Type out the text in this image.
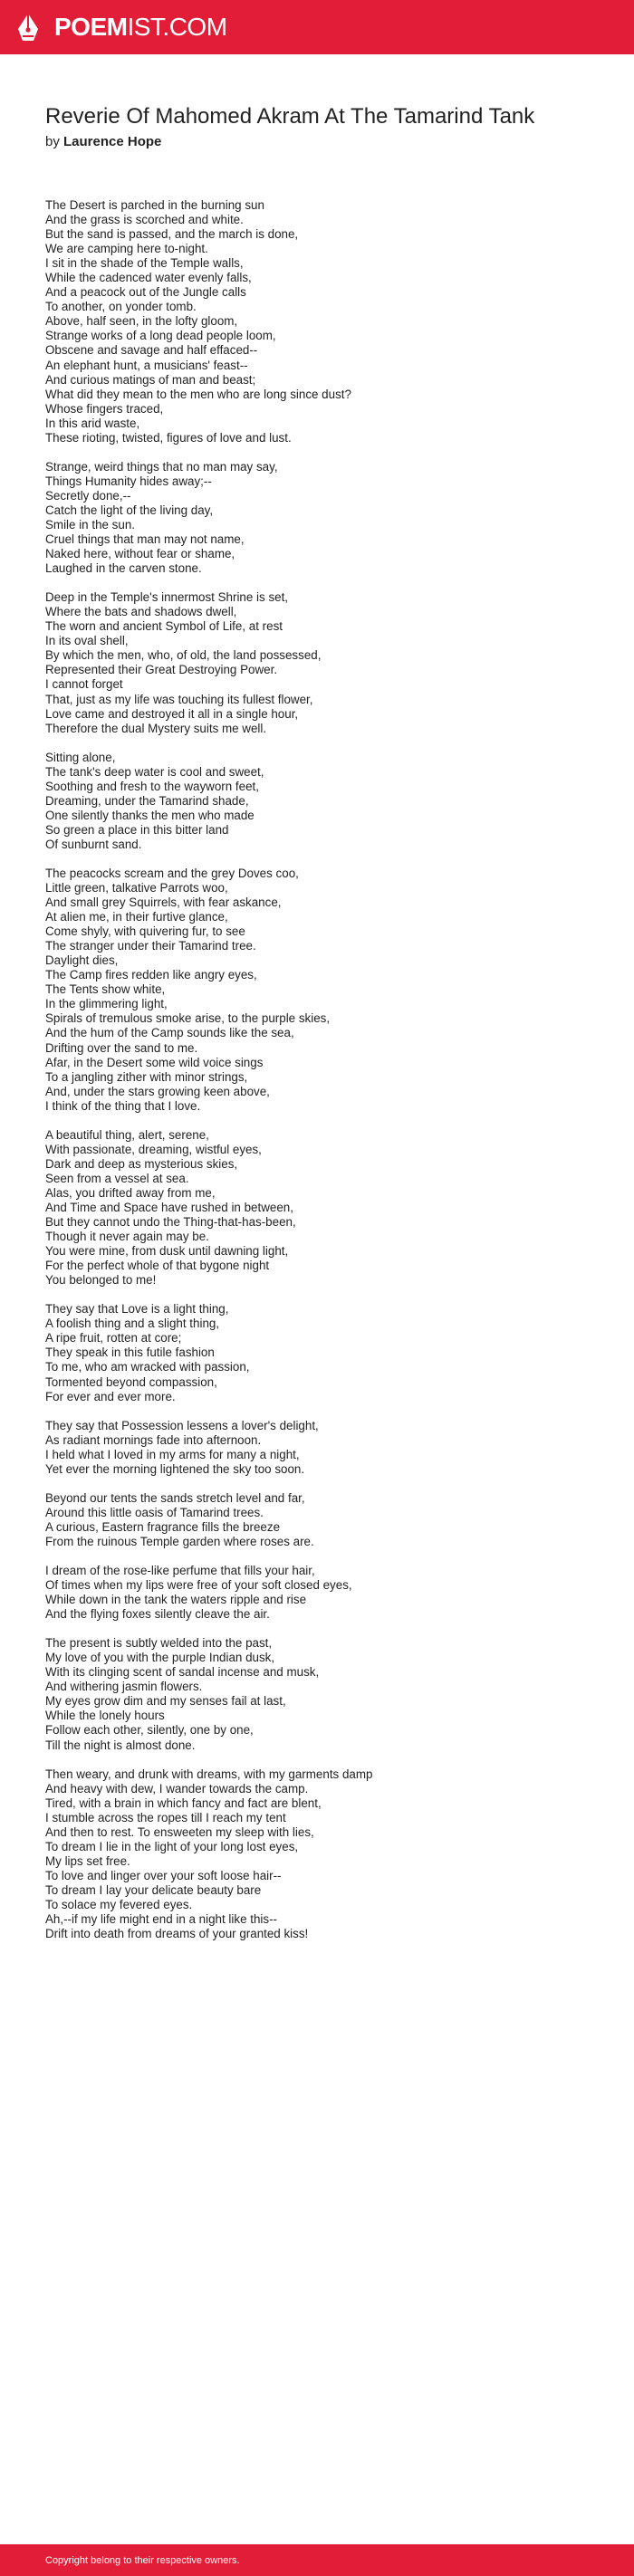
POEMIST.COM
Reverie Of Mahomed Akram At The Tamarind Tank
by Laurence Hope

The Desert is parched in the burning sun
And the grass is scorched and white.
But the sand is passed, and the march is done,
We are camping here to-night.
I sit in the shade of the Temple walls,
While the cadenced water evenly falls,
And a peacock out of the Jungle calls
To another, on yonder tomb.
Above, half seen, in the lofty gloom,
Strange works of a long dead people loom,
Obscene and savage and half effaced--
An elephant hunt, a musicians' feast--
And curious matings of man and beast;
What did they mean to the men who are long since dust?
Whose fingers traced,
In this arid waste,
These rioting, twisted, figures of love and lust.

Strange, weird things that no man may say,
Things Humanity hides away;--
Secretly done,--
Catch the light of the living day,
Smile in the sun.
Cruel things that man may not name,
Naked here, without fear or shame,
Laughed in the carven stone.

Deep in the Temple's innermost Shrine is set,
Where the bats and shadows dwell,
The worn and ancient Symbol of Life, at rest
In its oval shell,
By which the men, who, of old, the land possessed,
Represented their Great Destroying Power.
I cannot forget
That, just as my life was touching its fullest flower,
Love came and destroyed it all in a single hour,
Therefore the dual Mystery suits me well.

Sitting alone,
The tank's deep water is cool and sweet,
Soothing and fresh to the wayworn feet,
Dreaming, under the Tamarind shade,
One silently thanks the men who made
So green a place in this bitter land
Of sunburnt sand.

The peacocks scream and the grey Doves coo,
Little green, talkative Parrots woo,
And small grey Squirrels, with fear askance,
At alien me, in their furtive glance,
Come shyly, with quivering fur, to see
The stranger under their Tamarind tree.
Daylight dies,
The Camp fires redden like angry eyes,
The Tents show white,
In the glimmering light,
Spirals of tremulous smoke arise, to the purple skies,
And the hum of the Camp sounds like the sea,
Drifting over the sand to me.
Afar, in the Desert some wild voice sings
To a jangling zither with minor strings,
And, under the stars growing keen above,
I think of the thing that I love.

A beautiful thing, alert, serene,
With passionate, dreaming, wistful eyes,
Dark and deep as mysterious skies,
Seen from a vessel at sea.
Alas, you drifted away from me,
And Time and Space have rushed in between,
But they cannot undo the Thing-that-has-been,
Though it never again may be.
You were mine, from dusk until dawning light,
For the perfect whole of that bygone night
You belonged to me!

They say that Love is a light thing,
A foolish thing and a slight thing,
A ripe fruit, rotten at core;
They speak in this futile fashion
To me, who am wracked with passion,
Tormented beyond compassion,
For ever and ever more.

They say that Possession lessens a lover's delight,
As radiant mornings fade into afternoon.
I held what I loved in my arms for many a night,
Yet ever the morning lightened the sky too soon.

Beyond our tents the sands stretch level and far,
Around this little oasis of Tamarind trees.
A curious, Eastern fragrance fills the breeze
From the ruinous Temple garden where roses are.

I dream of the rose-like perfume that fills your hair,
Of times when my lips were free of your soft closed eyes,
While down in the tank the waters ripple and rise
And the flying foxes silently cleave the air.

The present is subtly welded into the past,
My love of you with the purple Indian dusk,
With its clinging scent of sandal incense and musk,
And withering jasmin flowers.
My eyes grow dim and my senses fail at last,
While the lonely hours
Follow each other, silently, one by one,
Till the night is almost done.

Then weary, and drunk with dreams, with my garments damp
And heavy with dew, I wander towards the camp.
Tired, with a brain in which fancy and fact are blent,
I stumble across the ropes till I reach my tent
And then to rest. To ensweeten my sleep with lies,
To dream I lie in the light of your long lost eyes,
My lips set free.
To love and linger over your soft loose hair--
To dream I lay your delicate beauty bare
To solace my fevered eyes.
Ah,--if my life might end in a night like this--
Drift into death from dreams of your granted kiss!

Copyright belong to their respective owners.
